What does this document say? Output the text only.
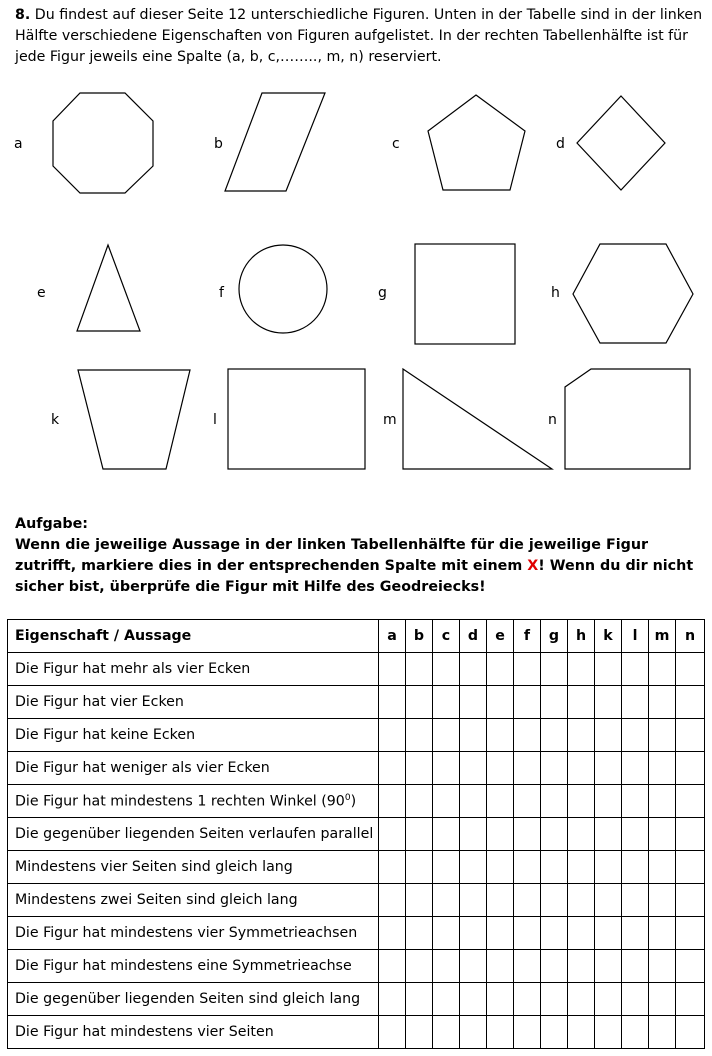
8. Du findest auf dieser Seite 12 unterschiedliche Figuren. Unten in der Tabelle sind in der linken Hälfte verschiedene Eigenschaften von Figuren aufgelistet. In der rechten Tabellenhälfte ist für jede Figur jeweils eine Spalte (a, b, c,…….., m, n) reserviert.
a	b	c	d
e	f	g	h
k	l	m	n
Aufgabe:
Wenn die jeweilige Aussage in der linken Tabellenhälfte für die jeweilige Figur zutrifft, markiere dies in der entsprechenden Spalte mit einem X! Wenn du dir nicht sicher bist, überprüfe die Figur mit Hilfe des Geodreiecks!
Eigenschaft / Aussage	a	b	c	d	e	f	g	h	k	l	m	n
Die Figur hat mehr als vier Ecken												
Die Figur hat vier Ecken												
Die Figur hat keine Ecken												
Die Figur hat weniger als vier Ecken												
Die Figur hat mindestens 1 rechten Winkel $(90^0)$												
Die gegenüber liegenden Seiten verlaufen parallel												
Mindestens vier Seiten sind gleich lang												
Mindestens zwei Seiten sind gleich lang												
Die Figur hat mindestens vier Symmetrieachsen												
Die Figur hat mindestens eine Symmetrieachse												
Die gegenüber liegenden Seiten sind gleich lang												
Die Figur hat mindestens vier Seiten												
